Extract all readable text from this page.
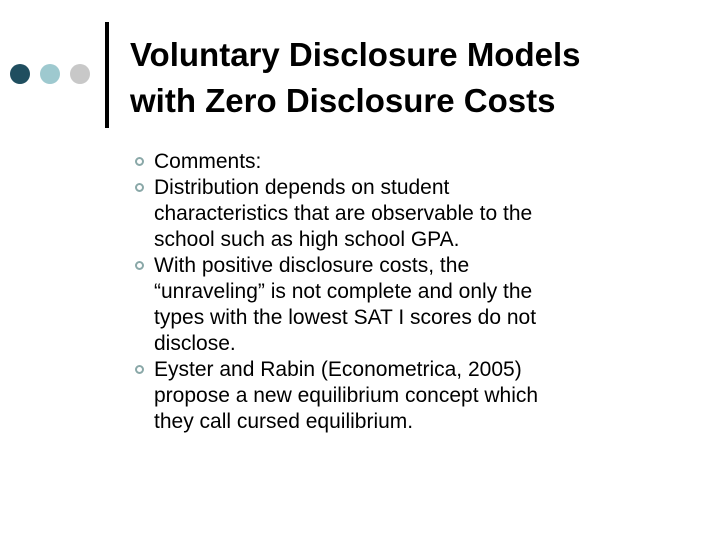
Voluntary Disclosure Models
with Zero Disclosure Costs
Comments:
Distribution depends on student
characteristics that are observable to the
school such as high school GPA.
With positive disclosure costs, the
“unraveling” is not complete and only the
types with the lowest SAT I scores do not
disclose.
Eyster and Rabin (Econometrica, 2005)
propose a new equilibrium concept which
they call cursed equilibrium.
